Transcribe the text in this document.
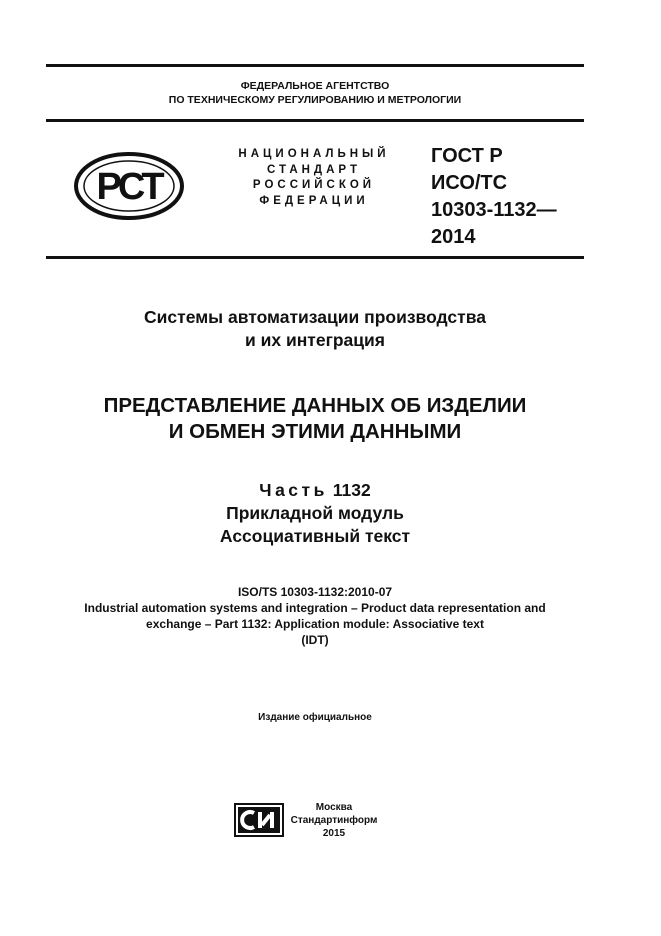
ФЕДЕРАЛЬНОЕ АГЕНТСТВО
ПО ТЕХНИЧЕСКОМУ РЕГУЛИРОВАНИЮ И МЕТРОЛОГИИ
РСТ
НАЦИОНАЛЬНЫЙ
СТАНДАРТ
РОССИЙСКОЙ
ФЕДЕРАЦИИ
ГОСТ Р
ИСО/ТС
10303-1132—
2014
Системы автоматизации производства
и их интеграция
ПРЕДСТАВЛЕНИЕ ДАННЫХ ОБ ИЗДЕЛИИ
И ОБМЕН ЭТИМИ ДАННЫМИ
Часть 1132
Прикладной модуль
Ассоциативный текст
ISO/TS 10303-1132:2010-07
Industrial automation systems and integration – Product data representation and
exchange – Part 1132: Application module: Associative text
(IDT)
Издание официальное
Москва
Стандартинформ
2015
